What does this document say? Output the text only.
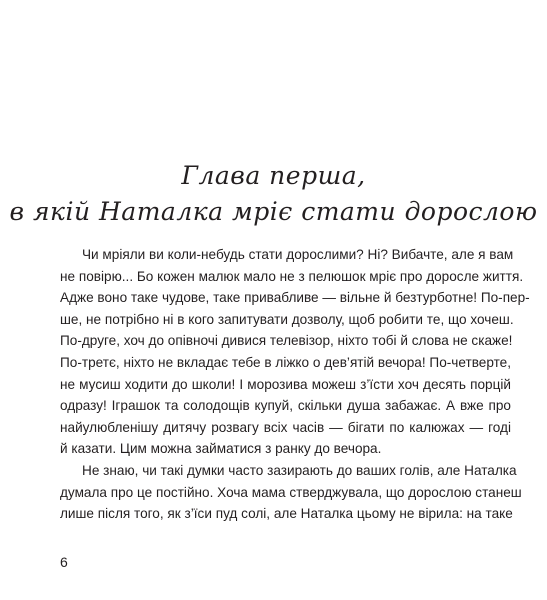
Глава перша,
в якій Наталка мріє стати дорослою

Чи мріяли ви коли-небудь стати дорослими? Ні? Вибачте, але я вам
не повірю... Бо кожен малюк мало не з пелюшок мріє про доросле життя.
Адже воно таке чудове, таке привабливе — вільне й безтурботне! По-пер-
ше, не потрібно ні в кого запитувати дозволу, щоб робити те, що хочеш.
По-друге, хоч до опівночі дивися телевізор, ніхто тобі й слова не скаже!
По-третє, ніхто не вкладає тебе в ліжко о дев’ятій вечора! По-четверте,
не мусиш ходити до школи! І морозива можеш з’їсти хоч десять порцій
одразу! Іграшок та солодощів купуй, скільки душа забажає. А вже про
найулюбленішу дитячу розвагу всіх часів — бігати по калюжах — годі
й казати. Цим можна займатися з ранку до вечора.

Не знаю, чи такі думки часто зазирають до ваших голів, але Наталка
думала про це постійно. Хоча мама стверджувала, що дорослою станеш
лише після того, як з’їси пуд солі, але Наталка цьому не вірила: на таке

6
